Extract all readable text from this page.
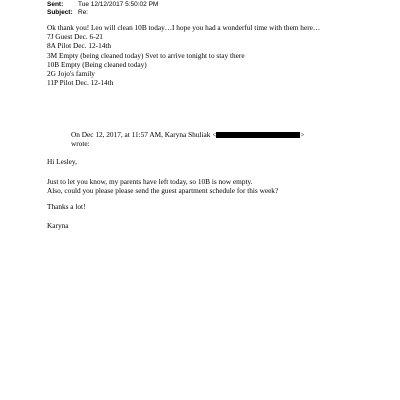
Sent: Tue 12/12/2017 5:50:02 PM
Subject: Re:
Ok thank you! Leo will clean 10B today…I hope you had a wonderful time with them here…
7J Guest Dec. 6-21
8A Pilot Dec. 12-14th
3M Empty (being cleaned today) Svet to arrive tonight to stay there
10B Empty (Being cleaned today)
2G Jojo's family
11P Pilot Dec. 12-14th
On Dec 12, 2017, at 11:57 AM, Karyna Shuliak <	>
wrote:
Hi Lesley,
Just to let you know, my parents have left today, so 10B is now empty.
Also, could you please please send the guest apartment schedule for this week?
Thanks a lot!
Karyna
